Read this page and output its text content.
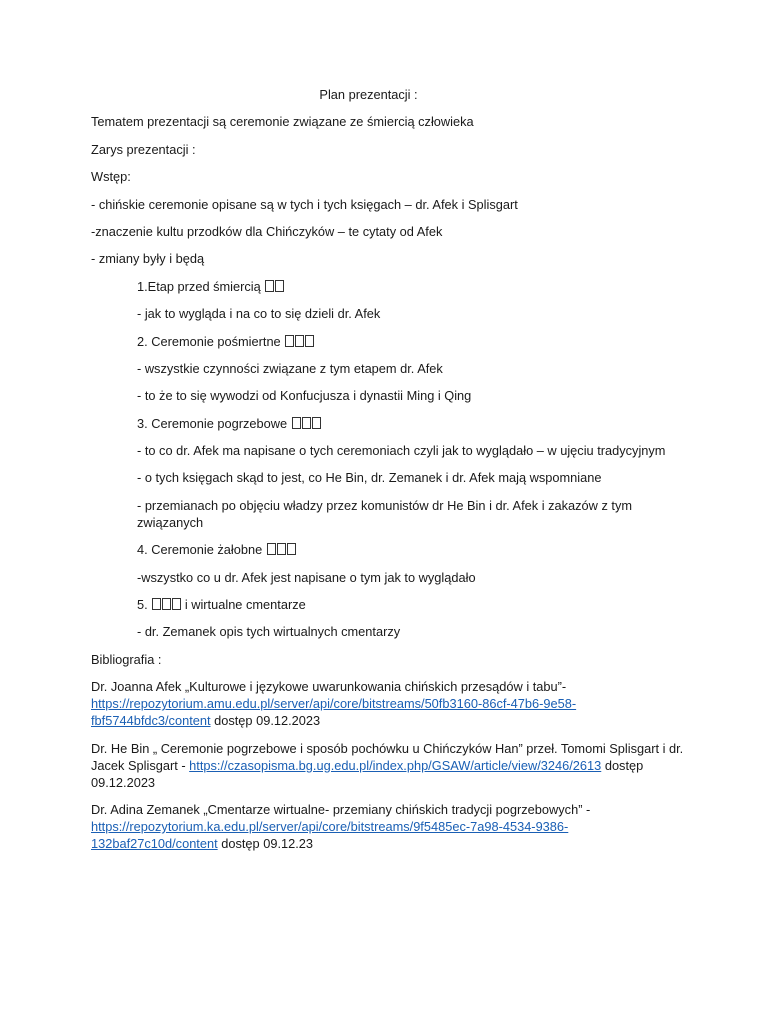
Plan prezentacji :
Tematem prezentacji są ceremonie związane ze śmiercią człowieka
Zarys prezentacji :
Wstęp:
- chińskie ceremonie opisane są w tych i tych księgach – dr. Afek i Splisgart
-znaczenie kultu przodków dla Chińczyków – te cytaty od Afek
- zmiany były i będą
1.Etap przed śmiercią
- jak to wygląda i na co to się dzieli dr. Afek
2. Ceremonie pośmiertne
- wszystkie czynności związane z tym etapem dr. Afek
- to że to się wywodzi od Konfucjusza i dynastii Ming i Qing
3. Ceremonie pogrzebowe
- to co dr. Afek ma napisane o tych ceremoniach czyli jak to wyglądało – w ujęciu tradycyjnym
- o tych księgach skąd to jest, co He Bin, dr. Zemanek i dr. Afek mają wspomniane
- przemianach po objęciu władzy przez komunistów dr He Bin i dr. Afek i zakazów z tym związanych
4. Ceremonie żałobne
-wszystko co u dr. Afek jest napisane o tym jak to wyglądało
5.	i wirtualne cmentarze
- dr. Zemanek opis tych wirtualnych cmentarzy
Bibliografia :
Dr. Joanna Afek „Kulturowe i językowe uwarunkowania chińskich przesądów i tabu”- https://repozytorium.amu.edu.pl/server/api/core/bitstreams/50fb3160-86cf-47b6-9e58-fbf5744bfdc3/content dostęp 09.12.2023
Dr. He Bin „ Ceremonie pogrzebowe i sposób pochówku u Chińczyków Han” przeł. Tomomi Splisgart i dr. Jacek Splisgart - https://czasopisma.bg.ug.edu.pl/index.php/GSAW/article/view/3246/2613 dostęp 09.12.2023
Dr. Adina Zemanek „Cmentarze wirtualne- przemiany chińskich tradycji pogrzebowych” - https://repozytorium.ka.edu.pl/server/api/core/bitstreams/9f5485ec-7a98-4534-9386-132baf27c10d/content dostęp 09.12.23
